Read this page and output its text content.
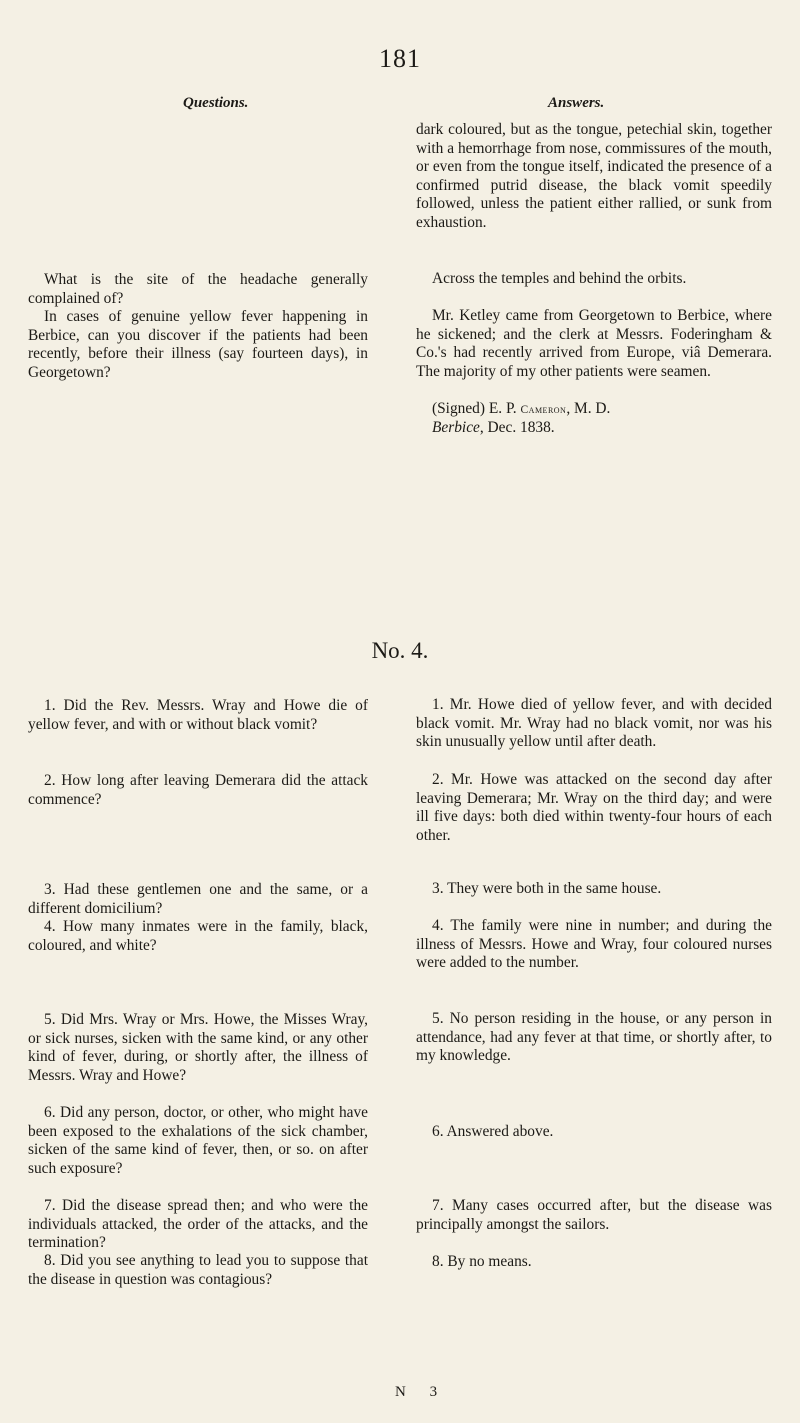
181
Questions.	Answers.

dark coloured, but as the tongue, petechial skin, together with a hemorrhage from nose, commissures of the mouth, or even from the tongue itself, indicated the presence of a confirmed putrid disease, the black vomit speedily followed, unless the patient either rallied, or sunk from exhaustion.

What is the site of the headache generally complained of?

In cases of genuine yellow fever happening in Berbice, can you discover if the patients had been recently, before their illness (say fourteen days), in Georgetown?

Across the temples and behind the orbits.

Mr. Ketley came from Georgetown to Berbice, where he sickened; and the clerk at Messrs. Foderingham & Co.'s had recently arrived from Europe, viâ Demerara. The majority of my other patients were seamen.

(Signed) E. P. Cameron, M. D.

Berbice, Dec. 1838.

No. 4.

1. Did the Rev. Messrs. Wray and Howe die of yellow fever, and with or without black vomit?

2. How long after leaving Demerara did the attack commence?

3. Had these gentlemen one and the same, or a different domicilium?

4. How many inmates were in the family, black, coloured, and white?

5. Did Mrs. Wray or Mrs. Howe, the Misses Wray, or sick nurses, sicken with the same kind, or any other kind of fever, during, or shortly after, the illness of Messrs. Wray and Howe?

6. Did any person, doctor, or other, who might have been exposed to the exhalations of the sick chamber, sicken of the same kind of fever, then, or so. on after such exposure?

7. Did the disease spread then; and who were the individuals attacked, the order of the attacks, and the termination?

8. Did you see anything to lead you to suppose that the disease in question was contagious?

1. Mr. Howe died of yellow fever, and with decided black vomit. Mr. Wray had no black vomit, nor was his skin unusually yellow until after death.

2. Mr. Howe was attacked on the second day after leaving Demerara; Mr. Wray on the third day; and were ill five days: both died within twenty-four hours of each other.

3. They were both in the same house.

4. The family were nine in number; and during the illness of Messrs. Howe and Wray, four coloured nurses were added to the number.

5. No person residing in the house, or any person in attendance, had any fever at that time, or shortly after, to my knowledge.

6. Answered above.

7. Many cases occurred after, but the disease was principally amongst the sailors.

8. By no means.

N 3
